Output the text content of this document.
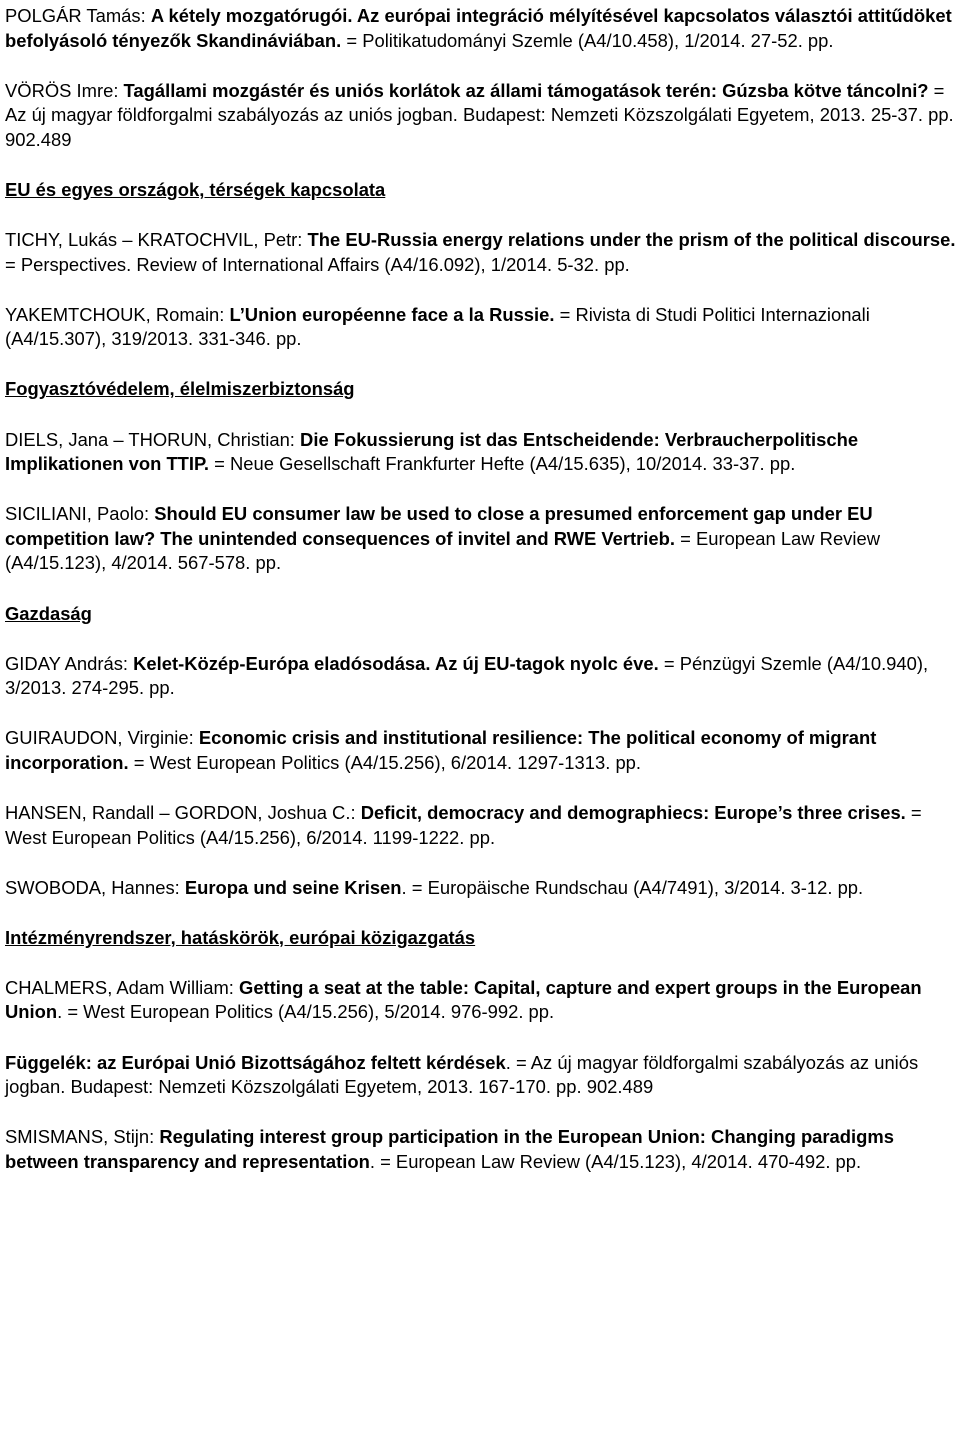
POLGÁR Tamás: A kétely mozgatórugói. Az európai integráció mélyítésével kapcsolatos választói attitűdöket befolyásoló tényezők Skandináviában. = Politikatudományi Szemle (A4/10.458), 1/2014. 27-52. pp.
VÖRÖS Imre: Tagállami mozgástér és uniós korlátok az állami támogatások terén: Gúzsba kötve táncolni? = Az új magyar földforgalmi szabályozás az uniós jogban. Budapest: Nemzeti Közszolgálati Egyetem, 2013. 25-37. pp. 902.489
EU és egyes országok, térségek kapcsolata
TICHY, Lukás – KRATOCHVIL, Petr: The EU-Russia energy relations under the prism of the political discourse. = Perspectives. Review of International Affairs (A4/16.092), 1/2014. 5-32. pp.
YAKEMTCHOUK, Romain: L’Union européenne face a la Russie. = Rivista di Studi Politici Internazionali (A4/15.307), 319/2013. 331-346. pp.
Fogyasztóvédelem, élelmiszerbiztonság
DIELS, Jana – THORUN, Christian: Die Fokussierung ist das Entscheidende: Verbraucherpolitische Implikationen von TTIP. = Neue Gesellschaft Frankfurter Hefte (A4/15.635), 10/2014. 33-37. pp.
SICILIANI, Paolo: Should EU consumer law be used to close a presumed enforcement gap under EU competition law? The unintended consequences of invitel and RWE Vertrieb. = European Law Review (A4/15.123), 4/2014. 567-578. pp.
Gazdaság
GIDAY András: Kelet-Közép-Európa eladósodása. Az új EU-tagok nyolc éve. = Pénzügyi Szemle (A4/10.940), 3/2013. 274-295. pp.
GUIRAUDON, Virginie: Economic crisis and institutional resilience: The political economy of migrant incorporation. = West European Politics (A4/15.256), 6/2014. 1297-1313. pp.
HANSEN, Randall – GORDON, Joshua C.: Deficit, democracy and demographiecs: Europe’s three crises. = West European Politics (A4/15.256), 6/2014. 1199-1222. pp.
SWOBODA, Hannes: Europa und seine Krisen. = Europäische Rundschau (A4/7491), 3/2014. 3-12. pp.
Intézményrendszer, hatáskörök, európai közigazgatás
CHALMERS, Adam William: Getting a seat at the table: Capital, capture and expert groups in the European Union. = West European Politics (A4/15.256), 5/2014. 976-992. pp.
Függelék: az Európai Unió Bizottságához feltett kérdések. = Az új magyar földforgalmi szabályozás az uniós jogban. Budapest: Nemzeti Közszolgálati Egyetem, 2013. 167-170. pp. 902.489
SMISMANS, Stijn: Regulating interest group participation in the European Union: Changing paradigms between transparency and representation. = European Law Review (A4/15.123), 4/2014. 470-492. pp.
